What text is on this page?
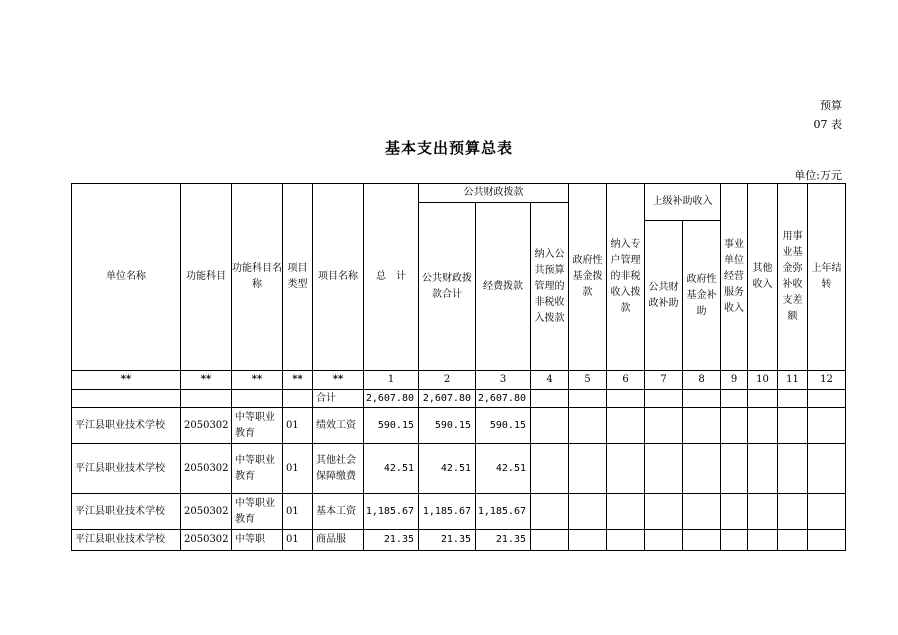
预算
07 表
基本支出预算总表
单位:万元
单位名称	功能科目	功能科目名称	项目类型	项目名称	总　计	公共财政拨款			政府性基金拨款	纳入专户管理的非税收入拨款	上级补助收入		事业单位经营服务收入	其他收入	用事业基金弥补收支差额	上年结转
						公共财政拨款合计	经费拨款	纳入公共预算管理的非税收入拨款								
											公共财政补助	政府性基金补助				
**	**	**	**	**	1	2	3	4	5	6	7	8	9	10	11	12
				合计	2,607.80	2,607.80	2,607.80									
平江县职业技术学校	2050302	中等职业教育	01	绩效工资	590.15	590.15	590.15									
平江县职业技术学校	2050302	中等职业教育	01	其他社会保障缴费	42.51	42.51	42.51									
平江县职业技术学校	2050302	中等职业教育	01	基本工资	1,185.67	1,185.67	1,185.67									
平江县职业技术学校	2050302	中等职	01	商品服	21.35	21.35	21.35									
